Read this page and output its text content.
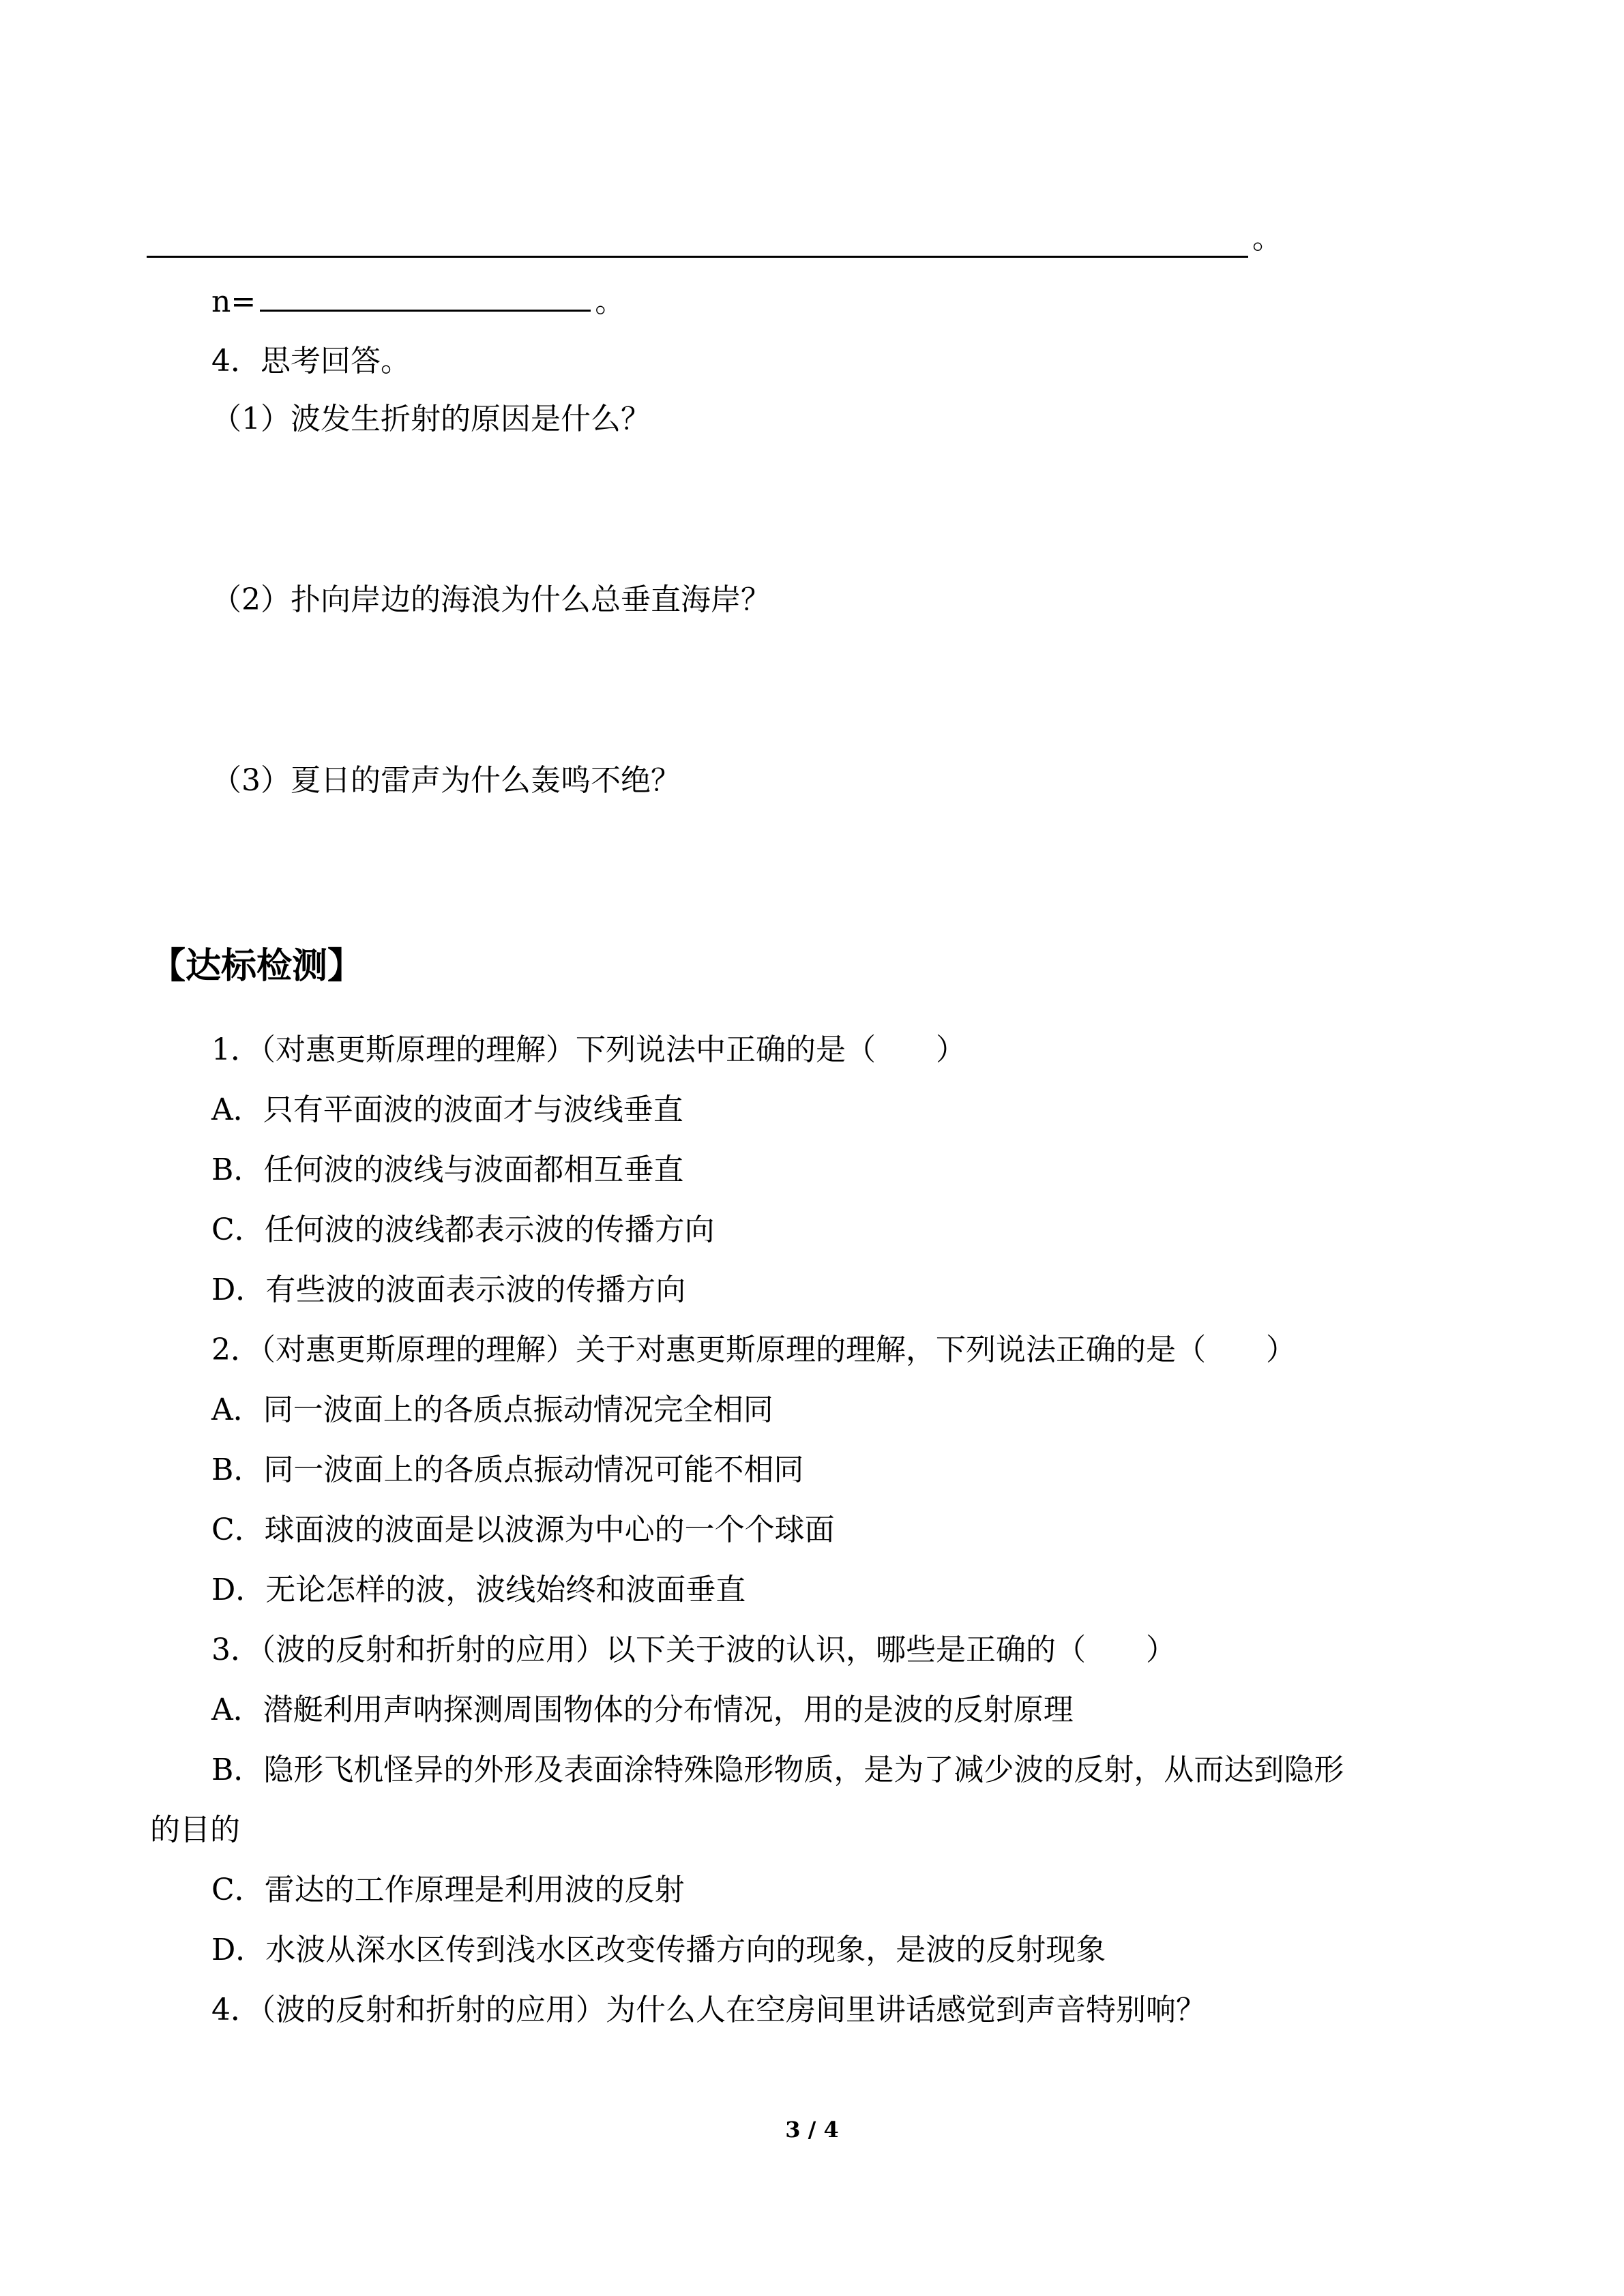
。
n=	。
4．思考回答。
（1）波发生折射的原因是什么？
（2）扑向岸边的海浪为什么总垂直海岸？
（3）夏日的雷声为什么轰鸣不绝？
【达标检测】
1．（对惠更斯原理的理解）下列说法中正确的是（　　）
A．只有平面波的波面才与波线垂直
B．任何波的波线与波面都相互垂直
C．任何波的波线都表示波的传播方向
D．有些波的波面表示波的传播方向
2．（对惠更斯原理的理解）关于对惠更斯原理的理解，下列说法正确的是（　　）
A．同一波面上的各质点振动情况完全相同
B．同一波面上的各质点振动情况可能不相同
C．球面波的波面是以波源为中心的一个个球面
D．无论怎样的波，波线始终和波面垂直
3．（波的反射和折射的应用）以下关于波的认识，哪些是正确的（　　）
A．潜艇利用声呐探测周围物体的分布情况，用的是波的反射原理
B．隐形飞机怪异的外形及表面涂特殊隐形物质，是为了减少波的反射，从而达到隐形
的目的
C．雷达的工作原理是利用波的反射
D．水波从深水区传到浅水区改变传播方向的现象，是波的反射现象
4．（波的反射和折射的应用）为什么人在空房间里讲话感觉到声音特别响？
3 / 4
